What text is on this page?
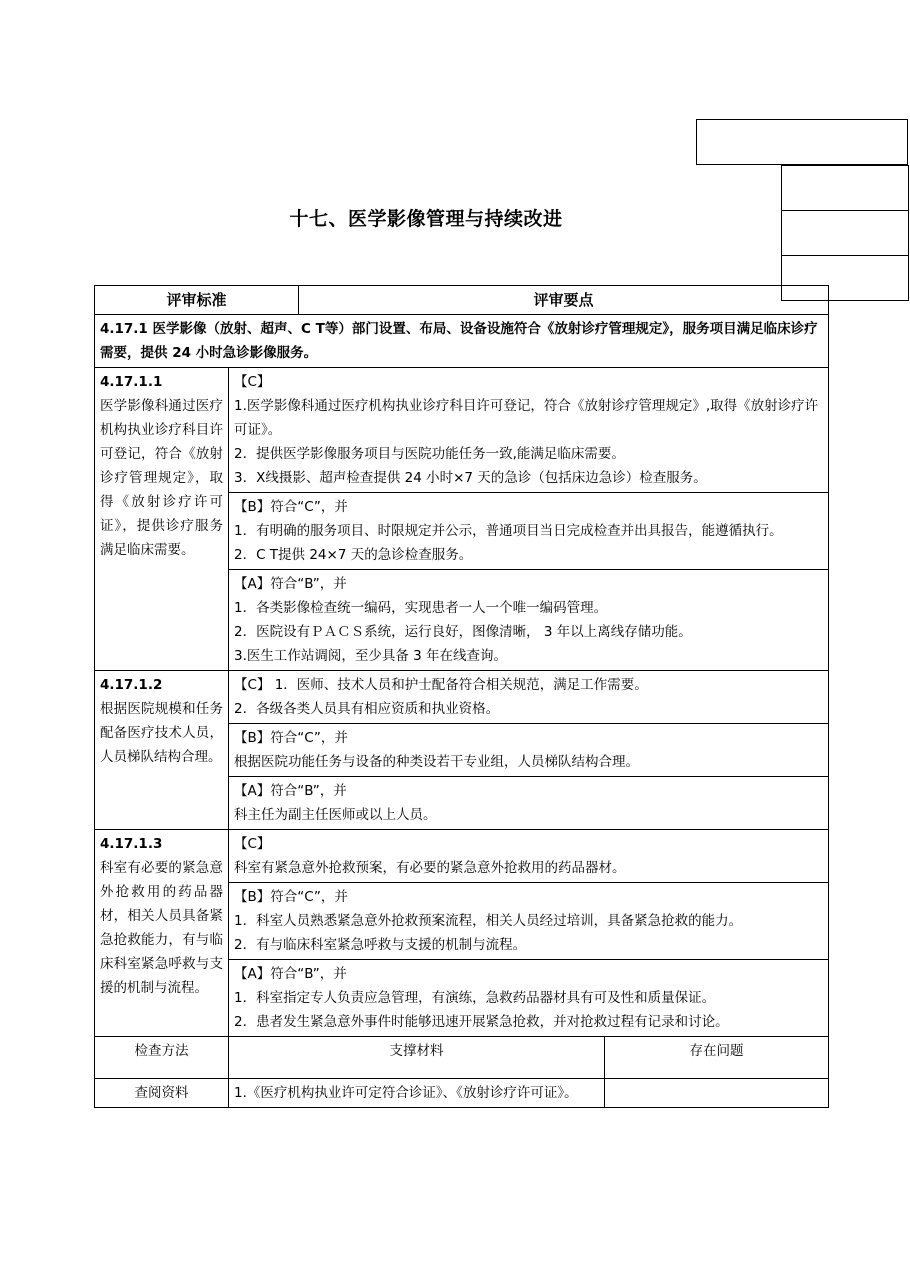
十七、医学影像管理与持续改进
评审标准		评审要点	
4.17.1 医学影像（放射、超声、C T等）部门设置、布局、设备设施符合《放射诊疗管理规定》，服务项目满足临床诊疗需要，提供 24 小时急诊影像服务。			

4.17.1.1
医学影像科通过医疗机构执业诊疗科目许可登记，符合《放射诊疗管理规定》，取得《放射诊疗许可证》，提供诊疗服务满足临床需要。	【C】
1.医学影像科通过医疗机构执业诊疗科目许可登记，符合《放射诊疗管理规定》,取得《放射诊疗许可证》。
2．提供医学影像服务项目与医院功能任务一致,能满足临床需要。
3．X线摄影、超声检查提供 24 小时×7 天的急诊（包括床边急诊）检查服务。		

	【B】符合“C”，并
1．有明确的服务项目、时限规定并公示，普通项目当日完成检查并出具报告，能遵循执行。
2．C T提供 24×7 天的急诊检查服务。		

	【A】符合“B”，并
1．各类影像检查统一编码，实现患者一人一个唯一编码管理。
2．医院设有ＰＡＣＳ系统，运行良好，图像清晰， 3 年以上离线存储功能。
3.医生工作站调阅，至少具备 3 年在线查询。		

4.17.1.2
根据医院规模和任务配备医疗技术人员，人员梯队结构合理。	【C】 1．医师、技术人员和护士配备符合相关规范，满足工作需要。
2．各级各类人员具有相应资质和执业资格。		

	【B】符合“C”，并
根据医院功能任务与设备的种类设若干专业组，人员梯队结构合理。		

	【A】符合“B”，并
科主任为副主任医师或以上人员。		

4.17.1.3
科室有必要的紧急意外抢救用的药品器材，相关人员具备紧急抢救能力，有与临床科室紧急呼救与支援的机制与流程。	【C】
科室有紧急意外抢救预案，有必要的紧急意外抢救用的药品器材。		

	【B】符合“C”，并
1．科室人员熟悉紧急意外抢救预案流程，相关人员经过培训，具备紧急抢救的能力。
2．有与临床科室紧急呼救与支援的机制与流程。		

	【A】符合“B”，并
1．科室指定专人负责应急管理，有演练，急救药品器材具有可及性和质量保证。
2．患者发生紧急意外事件时能够迅速开展紧急抢救，并对抢救过程有记录和讨论。		

检查方法	支撑材料		存在问题
查阅资料	1.《医疗机构执业许可定符合诊证》、《放射诊疗许可证》。		
